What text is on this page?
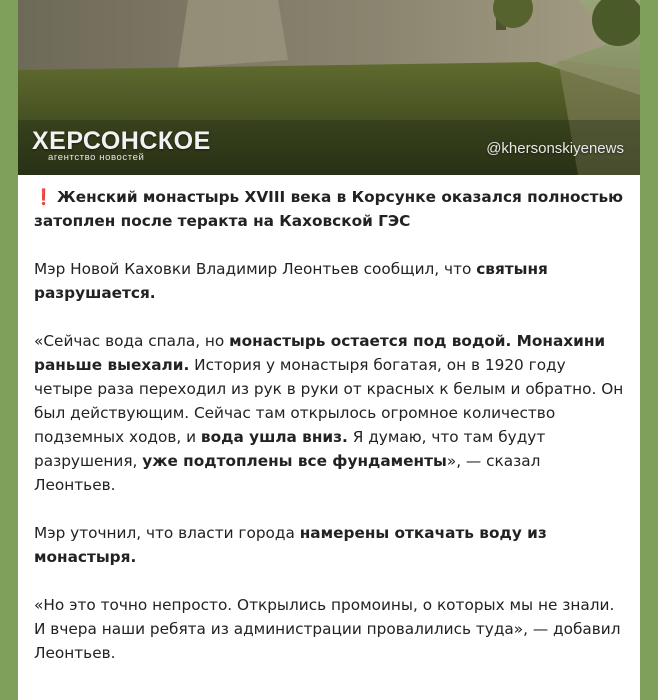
ХЕРСОНСКОЕ
агентство новостей
@khersonskiyenews

❗ Женский монастырь XVIII века в Корсунке оказался полностью затоплен после теракта на Каховской ГЭС

Мэр Новой Каховки Владимир Леонтьев сообщил, что святыня разрушается.

«Сейчас вода спала, но монастырь остается под водой. Монахини раньше выехали. История у монастыря богатая, он в 1920 году четыре раза переходил из рук в руки от красных к белым и обратно. Он был действующим. Сейчас там открылось огромное количество подземных ходов, и вода ушла вниз. Я думаю, что там будут разрушения, уже подтоплены все фундаменты», — сказал Леонтьев.

Мэр уточнил, что власти города намерены откачать воду из монастыря.

«Но это точно непросто. Открылись промоины, о которых мы не знали. И вчера наши ребята из администрации провалились туда», — добавил Леонтьев.
